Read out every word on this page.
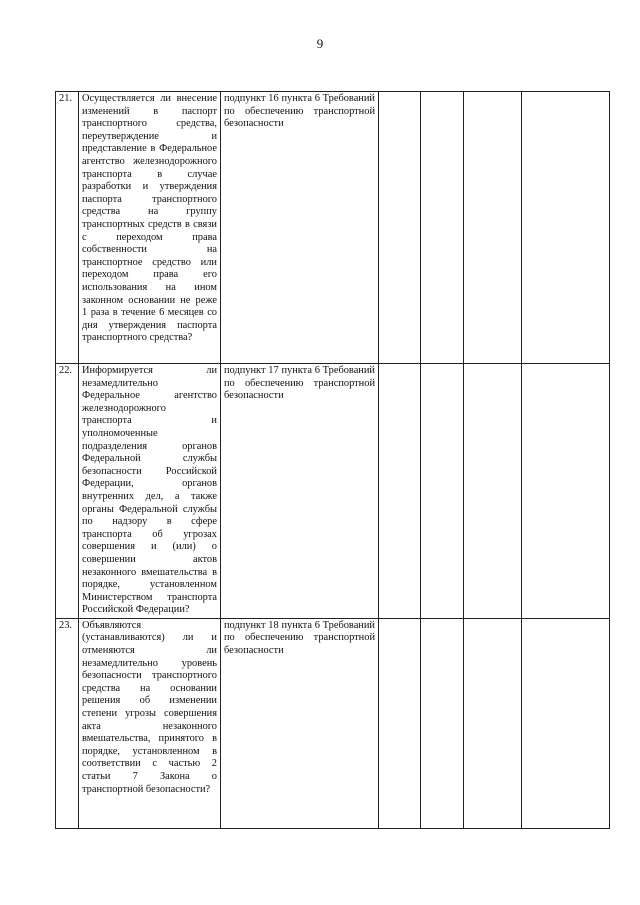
9
21.	Осуществляется ли внесение изменений в паспорт транспортного средства, переутверждение и представление в Федеральное агентство железнодорожного транспорта в случае разработки и утверждения паспорта транспортного средства на группу транспортных средств в связи с переходом права собственности на транспортное средство или переходом права его использования на ином законном основании не реже 1 раза в течение 6 месяцев со дня утверждения паспорта транспортного средства?	подпункт 16 пункта 6 Требований по обеспечению транспортной безопасности				
22.	Информируется ли незамедлительно Федеральное агентство железнодорожного транспорта и уполномоченные подразделения органов Федеральной службы безопасности Российской Федерации, органов внутренних дел, а также органы Федеральной службы по надзору в сфере транспорта об угрозах совершения и (или) о совершении актов незаконного вмешательства в порядке, установленном Министерством транспорта Российской Федерации?	подпункт 17 пункта 6 Требований по обеспечению транспортной безопасности				
23.	Объявляются (устанавливаются) ли и отменяются ли незамедлительно уровень безопасности транспортного средства на основании решения об изменении степени угрозы совершения акта незаконного вмешательства, принятого в порядке, установленном в соответствии с частью 2 статьи 7 Закона о транспортной безопасности?	подпункт 18 пункта 6 Требований по обеспечению транспортной безопасности				
